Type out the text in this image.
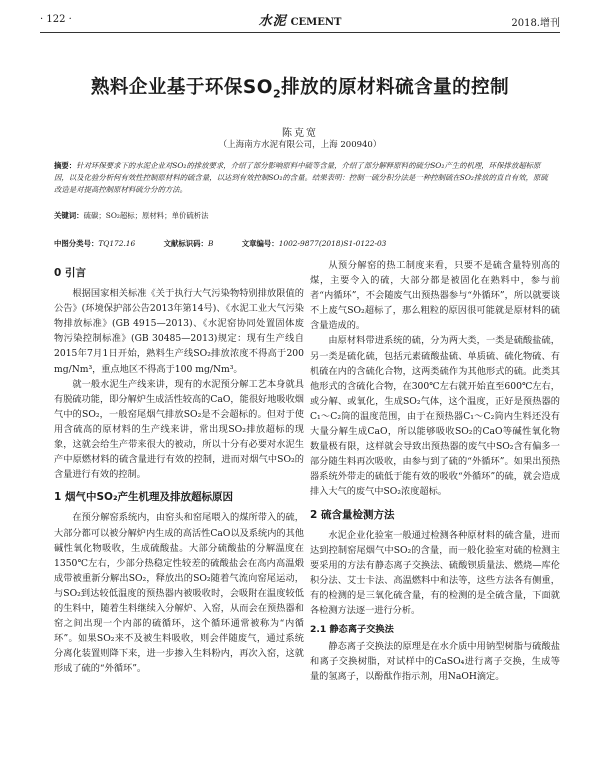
· 122 ·	水泥 CEMENT	2018.增刊
熟料企业基于环保$SO_2$排放的原材料硫含量的控制
陈克宽
（上海南方水泥有限公司，上海 200940）
摘要：针对环保要求下的水泥企业对SO₂的排放要求，介绍了部分影响原料中硫等含量，介绍了部分解释原料的硫分SO₂产生的机理，环保排放超标原因，以及化验分析何有效性控制原材料的硫含量，以达到有效控制SO₂的含量。结果表明：控制一硫分积分法是一种控制硫在SO₂排放的直自有效，原硫改造是对提高控制原材料硫分分的方法。
关键词：硫碳；SO₂超标；原材料；单价硫析法
中图分类号：TQ172.16	文献标识码：B	文章编号：1002-9877(2018)S1-0122-03
0 引言

根据国家相关标准《关于执行大气污染物特别排放限值的公告》(环境保护部公告2013年第14号)、《水泥工业大气污染物排放标准》(GB 4915—2013)、《水泥窑协同处置固体废物污染控制标准》(GB 30485—2013)规定：现有生产线自2015年7月1日开始，熟料生产线SO₂排放浓度不得高于200 mg/Nm³，重点地区不得高于100 mg/Nm³。

就一般水泥生产线来讲，现有的水泥预分解工艺本身就具有脱硫功能，即分解炉生成活性较高的CaO，能很好地吸收烟气中的SO₂，一般窑尾烟气排放SO₂是不会超标的。但对于使用含硫高的原材料的生产线来讲，常出现SO₂排放超标的现象，这就会给生产带来很大的被动，所以十分有必要对水泥生产中原燃材料的硫含量进行有效的控制，进而对烟气中SO₂的含量进行有效的控制。

1 烟气中SO₂产生机理及排放超标原因

在预分解窑系统内，由窑头和窑尾喂入的煤所带入的硫，大部分都可以被分解炉内生成的高活性CaO以及系统内的其他碱性氧化物吸收，生成硫酸盐。大部分硫酸盐的分解温度在1350℃左右，少部分热稳定性较差的硫酸盐会在高内高温煅成带被重新分解出SO₂，释放出的SO₂随着气流向窑尾运动，与SO₂到达较低温度的预热器内被吸收时，会吸附在温度较低的生料中，随着生料继续入分解炉、入窑，从而会在预热器和窑之间出现一个内部的硫循环，这个循环通常被称为“内循环”。如果SO₂来不及被生料吸收，则会伴随废气，通过系统分离化装置则降下来，进一步掺入生料粉内，再次入窑，这就形成了硫的“外循环”。

从预分解窑的热工制度来看，只要不是硫含量特别高的煤，主要令入的硫，大部分都是被固化在熟料中，参与前者“内循环”，不会随废气出预热器参与“外循环”，所以就要谈不上废气SO₂超标了，那么粗粒的原因很可能就是原材料的硫含量造成的。

由原材料带进系统的硫，分为两大类，一类是硫酸盐硫，另一类是硫化硫，包括元素硫酸盐硫、单质硫、硫化物硫、有机硫在内的含硫化合物，这两类硫作为其他形式的硫。此类其他形式的含硫化合物，在300℃左右就开始直至600℃左右，或分解、或氧化，生成SO₂气体，这个温度，正好是预热器的C₁～C₂筒的温度范围，由于在预热器C₁～C₂筒内生料还没有大量分解生成CaO，所以能够吸收SO₂的CaO等碱性氧化物数量极有限，这样就会导致出预热器的废气中SO₂含有偏多一部分随生料再次吸收，由参与到了硫的“外循环”。如果出预热器系统外带走的硫低于能有效的吸收“外循环”的硫，就会造成排入大气的废气中SO₂浓度超标。

2 硫含量检测方法

水泥企业化验室一般通过检测各种原材料的硫含量，进而达到控制窑尾烟气中SO₂的含量，而一般化验室对硫的检测主要采用的方法有静态离子交换法、硫酸钡质量法、燃烧—库伦积分法、艾士卡法、高温燃料中和法等，这些方法各有侧重，有的检测的是三氧化硫含量，有的检测的是全硫含量，下面就各检测方法逐一进行分析。

2.1 静态离子交换法

静态离子交换法的原理是在水介质中用钠型树脂与硫酸盐和离子交换树脂，对试样中的CaSO₄进行离子交换，生成等量的氢离子，以酚酞作指示剂，用NaOH滴定。
